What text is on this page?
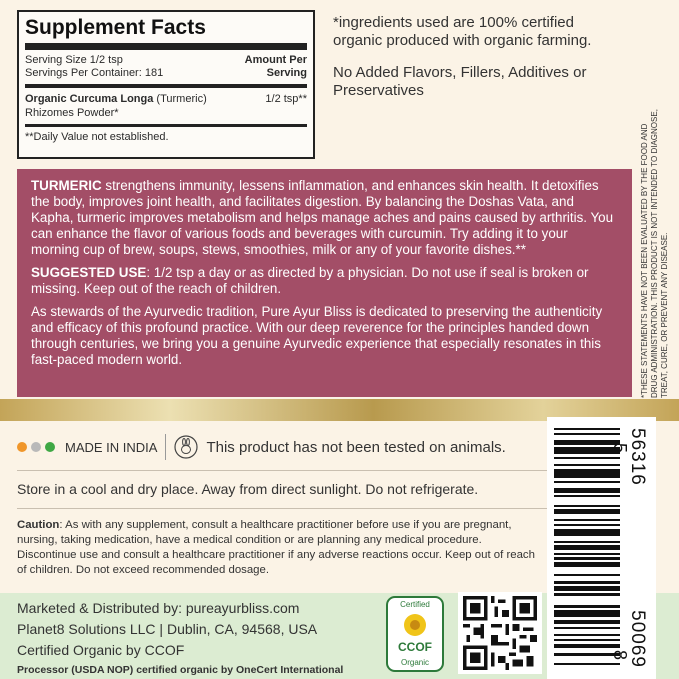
Supplement Facts
Serving Size 1/2 tsp
Servings Per Container: 181
Amount Per Serving
Organic Curcuma Longa (Turmeric)
Rhizomes Powder*
1/2 tsp**
**Daily Value not established.

*ingredients used are 100% certified organic produced with organic farming.

No Added Flavors, Fillers, Additives or Preservatives

*THESE STATEMENTS HAVE NOT BEEN EVALUATED BY THE FOOD AND DRUG ADMINISTRATION. THIS PRODUCT IS NOT INTENDED TO DIAGNOSE, TREAT, CURE, OR PREVENT ANY DISEASE.

TURMERIC strengthens immunity, lessens inflammation, and enhances skin health. It detoxifies the body, improves joint health, and facilitates digestion. By balancing the Doshas Vata, and Kapha, turmeric improves metabolism and helps manage aches and pains caused by arthritis. You can enhance the flavor of various foods and beverages with curcumin. Try adding it to your morning cup of brew, soups, stews, smoothies, milk or any of your favorite dishes.**

SUGGESTED USE: 1/2 tsp a day or as directed by a physician. Do not use if seal is broken or missing. Keep out of the reach of children.

As stewards of the Ayurvedic tradition, Pure Ayur Bliss is dedicated to preserving the authenticity and efficacy of this profound practice. With our deep reverence for the principles handed down through centuries, we bring you a genuine Ayurvedic experience that especially resonates in this fast-paced modern world.

MADE IN INDIA	This product has not been tested on animals.
Store in a cool and dry place. Away from direct sunlight. Do not refrigerate.
Caution: As with any supplement, consult a healthcare practitioner before use if you are pregnant, nursing, taking medication, have a medical condition or are planning any medical procedure. Discontinue use and consult a healthcare practitioner if any adverse reactions occur. Keep out of reach of children. Do not exceed recommended dosage.
Marketed & Distributed by: pureayurbliss.com
Planet8 Solutions LLC | Dublin, CA, 94568, USA
Certified Organic by CCOF
Processor (USDA NOP) certified organic by OneCert International
Certified
CCOF
Organic
5
56316
50069
8
